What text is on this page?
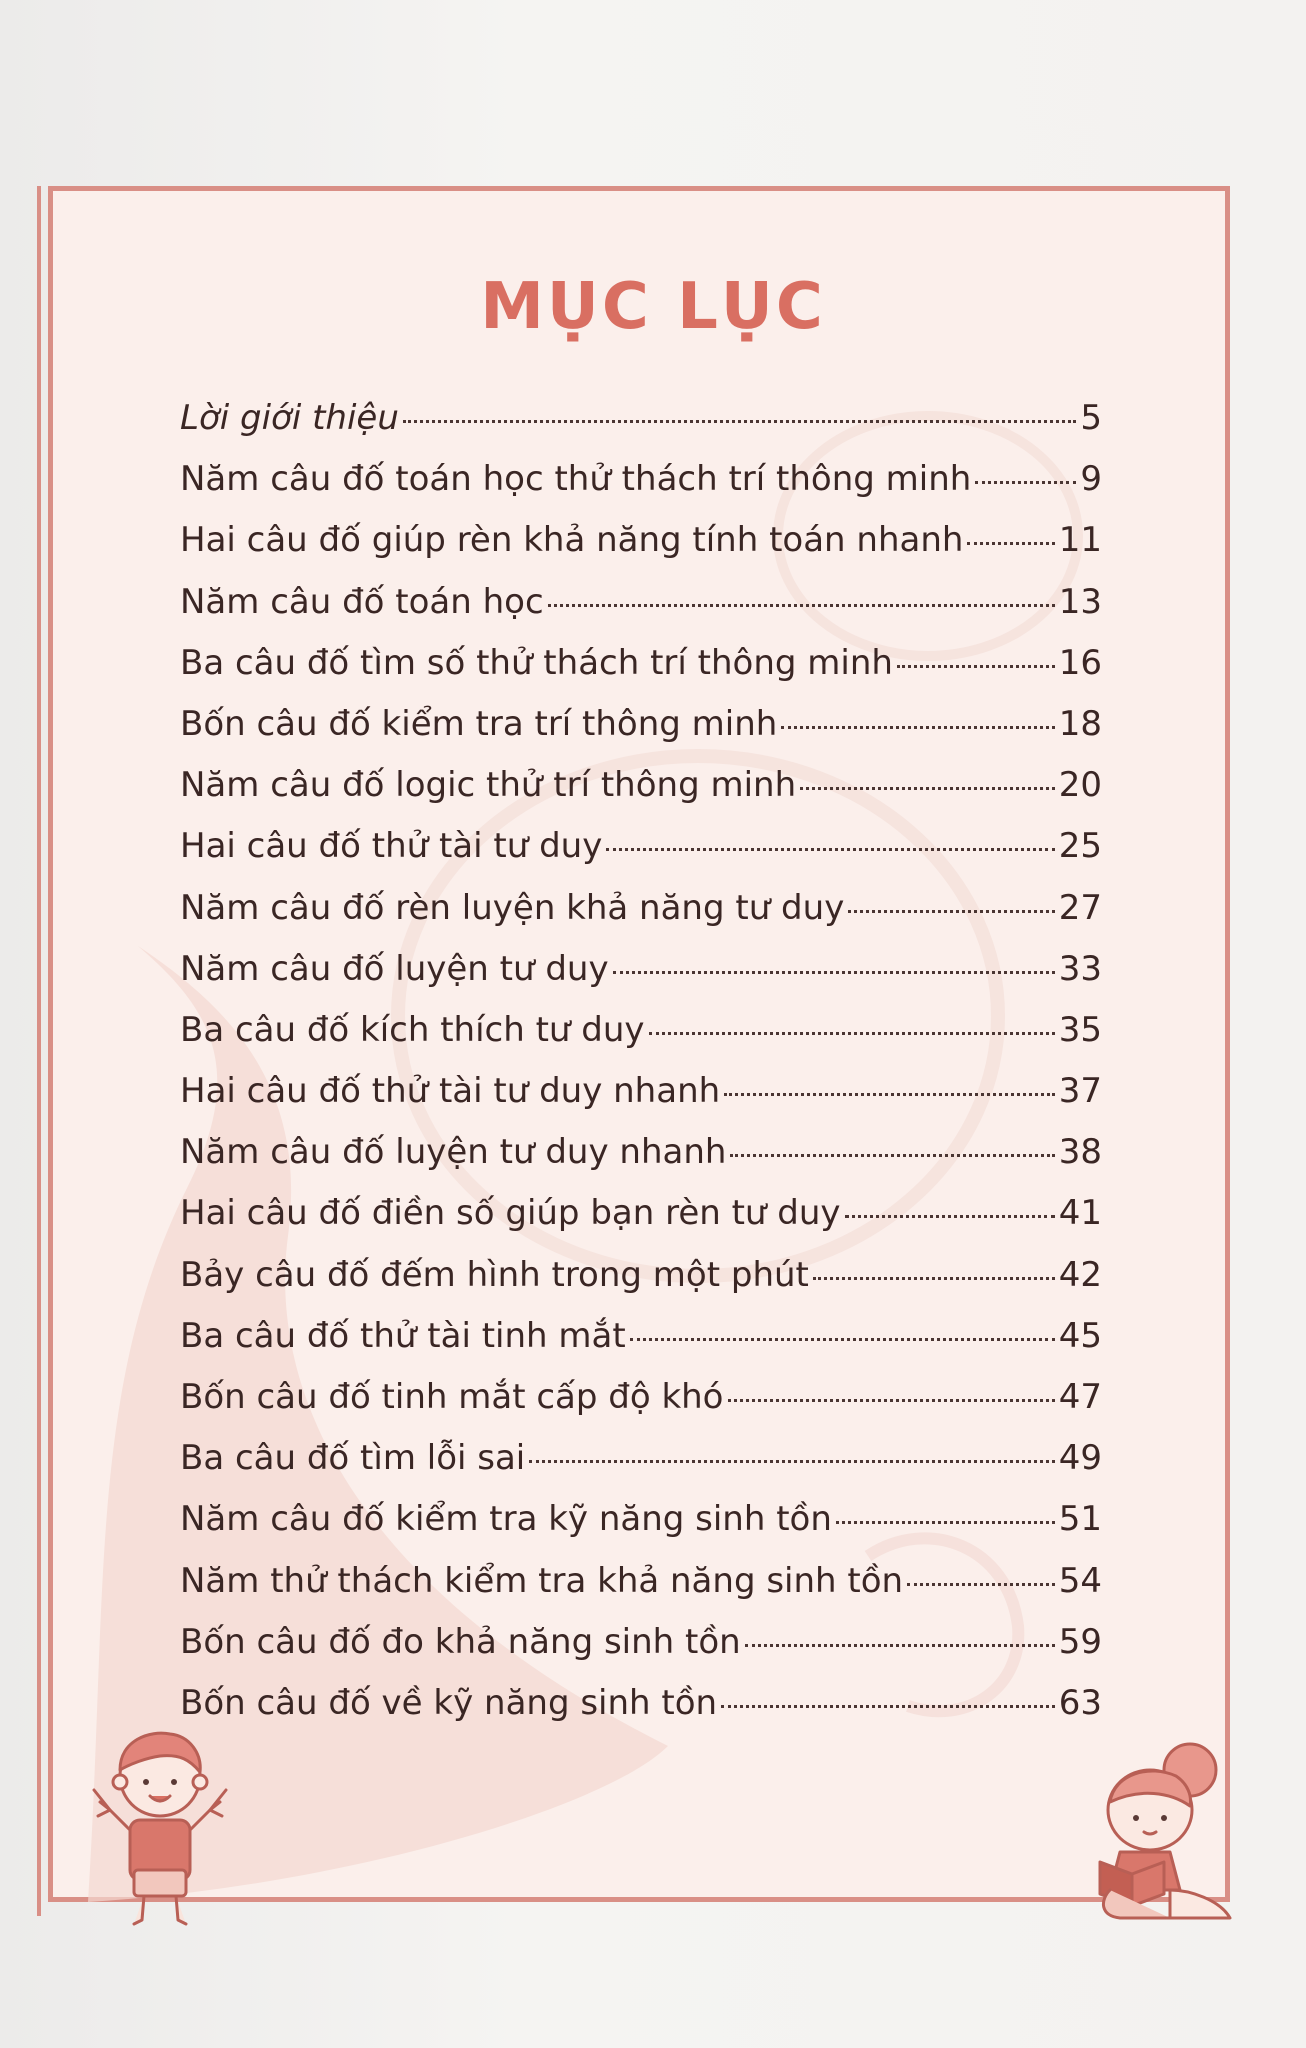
MỤC LỤC
Lời giới thiệu	5
Năm câu đố toán học thử thách trí thông minh	9
Hai câu đố giúp rèn khả năng tính toán nhanh	11
Năm câu đố toán học	13
Ba câu đố tìm số thử thách trí thông minh	16
Bốn câu đố kiểm tra trí thông minh	18
Năm câu đố logic thử trí thông minh	20
Hai câu đố thử tài tư duy	25
Năm câu đố rèn luyện khả năng tư duy	27
Năm câu đố luyện tư duy	33
Ba câu đố kích thích tư duy	35
Hai câu đố thử tài tư duy nhanh	37
Năm câu đố luyện tư duy nhanh	38
Hai câu đố điền số giúp bạn rèn tư duy	41
Bảy câu đố đếm hình trong một phút	42
Ba câu đố thử tài tinh mắt	45
Bốn câu đố tinh mắt cấp độ khó	47
Ba câu đố tìm lỗi sai	49
Năm câu đố kiểm tra kỹ năng sinh tồn	51
Năm thử thách kiểm tra khả năng sinh tồn	54
Bốn câu đố đo khả năng sinh tồn	59
Bốn câu đố về kỹ năng sinh tồn	63
